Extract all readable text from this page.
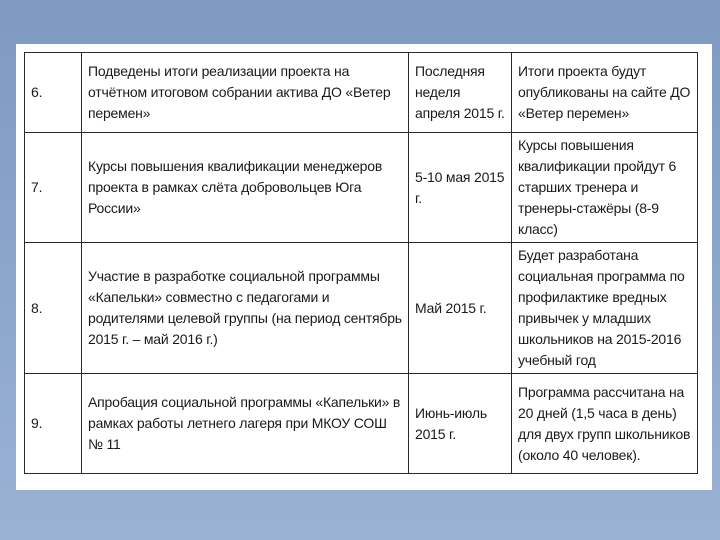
6.	Подведены итоги реализации проекта на отчётном итоговом собрании актива ДО «Ветер перемен»	Последняя неделя апреля 2015 г.	Итоги проекта будут опубликованы на сайте ДО «Ветер перемен»
7.	Курсы повышения квалификации менеджеров проекта в рамках слёта добровольцев Юга России»	5-10 мая 2015 г.	Курсы повышения квалификации пройдут 6 старших тренера и тренеры-стажёры (8-9 класс)
8.	Участие в разработке социальной программы «Капельки» совместно с педагогами и родителями целевой группы (на период сентябрь 2015 г. – май 2016 г.)	Май 2015 г.	Будет разработана социальная программа по профилактике вредных привычек у младших школьников на 2015-2016 учебный год
9.	Апробация социальной программы «Капельки» в рамках работы летнего лагеря при МКОУ СОШ № 11	Июнь-июль 2015 г.	Программа рассчитана на 20 дней (1,5 часа в день) для двух групп школьников (около 40 человек).
